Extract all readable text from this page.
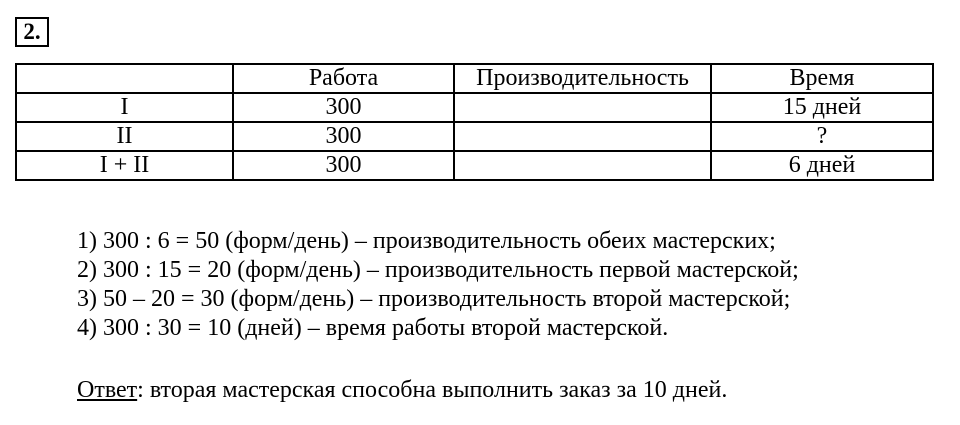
2.
	Работа	Производительность	Время
I	300		15 дней
II	300		?
I + II	300		6 дней
1) 300 : 6 = 50 (форм/день) – производительность обеих мастерских;
2) 300 : 15 = 20 (форм/день) – производительность первой мастерской;
3) 50 – 20 = 30 (форм/день) – производительность второй мастерской;
4) 300 : 30 = 10 (дней) – время работы второй мастерской.
Ответ: вторая мастерская способна выполнить заказ за 10 дней.
